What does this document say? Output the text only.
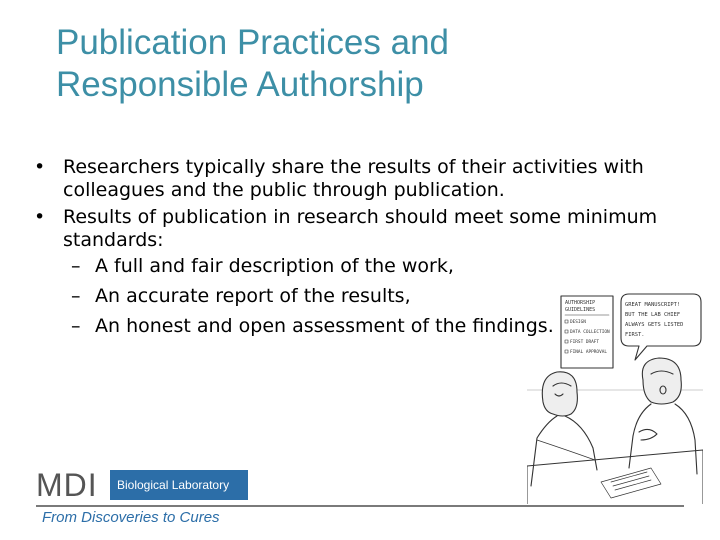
Publication Practices and
Responsible Authorship
• Researchers typically share the results of their activities with colleagues and the public through publication.
• Results of publication in research should meet some minimum standards:
– A full and fair description of the work,
– An accurate report of the results,
– An honest and open assessment of the findings.
AUTHORSHIP
GUIDELINES
DESIGN
DATA COLLECTION
FIRST DRAFT
FINAL APPROVAL
GREAT MANUSCRIPT!
BUT THE LAB CHIEF
ALWAYS GETS LISTED
FIRST.
MDI	Biological Laboratory
From Discoveries to Cures
